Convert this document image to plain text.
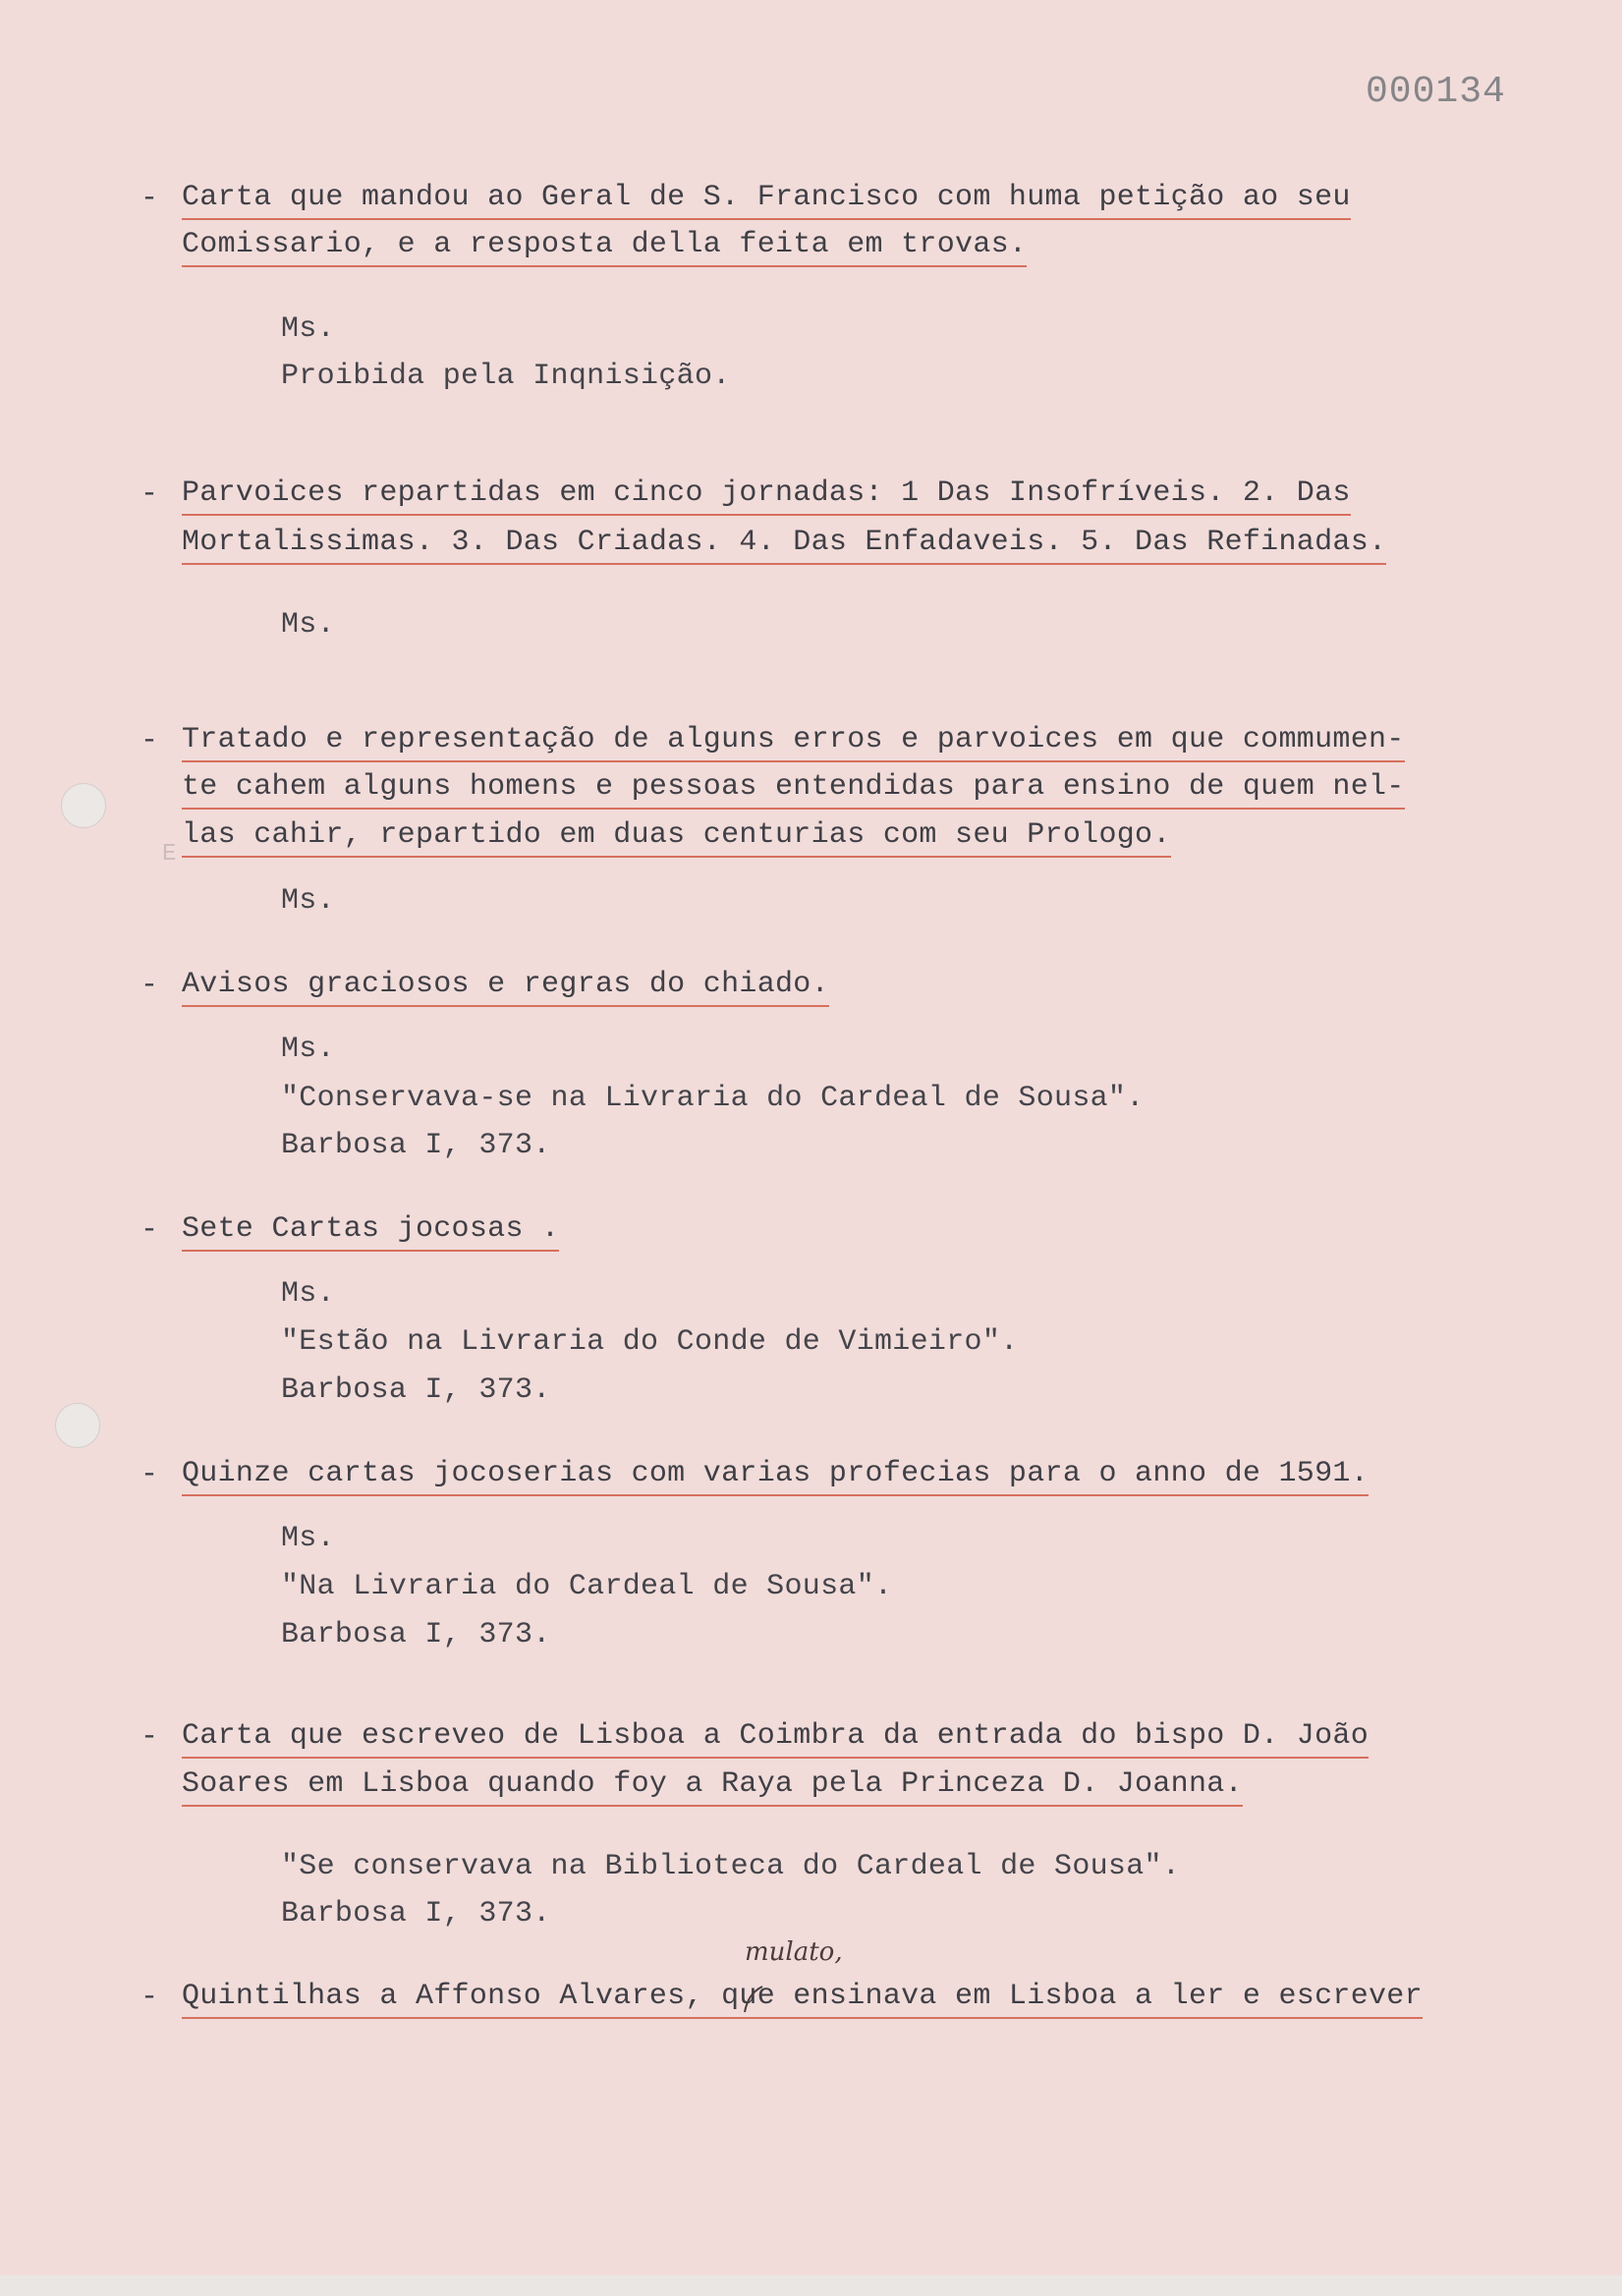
E
000134
- Carta que mandou ao Geral de S. Francisco com huma petição ao seu
Comissario, e a resposta della feita em trovas.
Ms.
Proibida pela Inqnisição.
- Parvoices repartidas em cinco jornadas: 1 Das Insofríveis. 2. Das
Mortalissimas. 3. Das Criadas. 4. Das Enfadaveis. 5. Das Refinadas.
Ms.
- Tratado e representação de alguns erros e parvoices em que commumen-
te cahem alguns homens e pessoas entendidas para ensino de quem nel-
las cahir, repartido em duas centurias com seu Prologo.
Ms.
- Avisos graciosos e regras do chiado.
Ms.
"Conservava-se na Livraria do Cardeal de Sousa".
Barbosa I, 373.
- Sete Cartas jocosas .
Ms.
"Estão na Livraria do Conde de Vimieiro".
Barbosa I, 373.
- Quinze cartas jocoserias com varias profecias para o anno de 1591.
Ms.
"Na Livraria do Cardeal de Sousa".
Barbosa I, 373.
- Carta que escreveo de Lisboa a Coimbra da entrada do bispo D. João
Soares em Lisboa quando foy a Raya pela Princeza D. Joanna.
"Se conservava na Biblioteca do Cardeal de Sousa".
Barbosa I, 373.
- Quintilhas a Affonso Alvares, que ensinava em Lisboa a ler e escrever
mulato,
